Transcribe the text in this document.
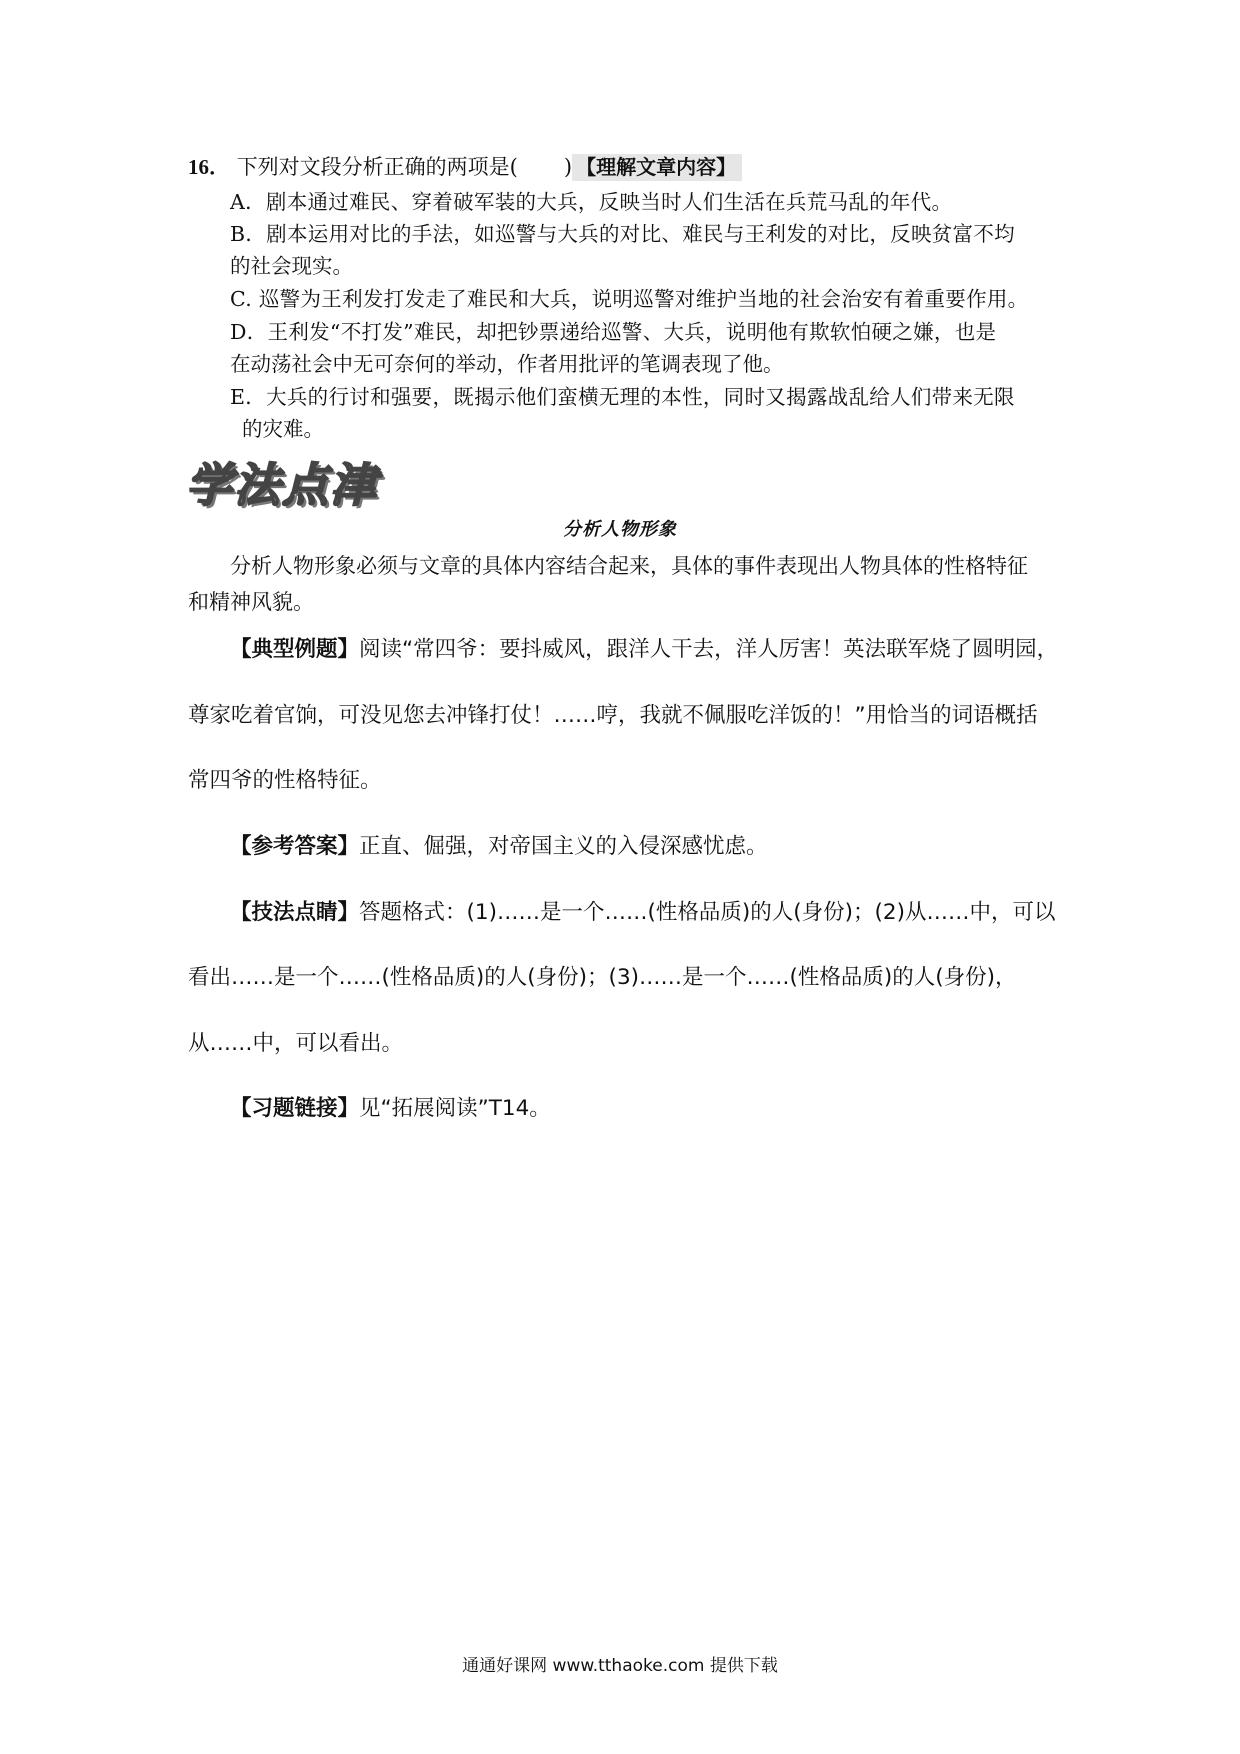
16． 下列对文段分析正确的两项是( ) 【理解文章内容】
A．剧本通过难民、穿着破军装的大兵，反映当时人们生活在兵荒马乱的年代。
B．剧本运用对比的手法，如巡警与大兵的对比、难民与王利发的对比，反映贫富不均
的社会现实。
C. 巡警为王利发打发走了难民和大兵，说明巡警对维护当地的社会治安有着重要作用。
D．王利发“不打发”难民，却把钞票递给巡警、大兵，说明他有欺软怕硬之嫌，也是
在动荡社会中无可奈何的举动，作者用批评的笔调表现了他。
E．大兵的行讨和强要，既揭示他们蛮横无理的本性，同时又揭露战乱给人们带来无限
的灾难。
学法点津
分析人物形象
分析人物形象必须与文章的具体内容结合起来，具体的事件表现出人物具体的性格特征
和精神风貌。
【典型例题】阅读“常四爷：要抖威风，跟洋人干去，洋人厉害！英法联军烧了圆明园，
尊家吃着官饷，可没见您去冲锋打仗！……哼，我就不佩服吃洋饭的！”用恰当的词语概括
常四爷的性格特征。
【参考答案】正直、倔强，对帝国主义的入侵深感忧虑。
【技法点睛】答题格式：(1)……是一个……(性格品质)的人(身份)；(2)从……中，可以
看出……是一个……(性格品质)的人(身份)；(3)……是一个……(性格品质)的人(身份)，
从……中，可以看出。
【习题链接】见“拓展阅读”T14。
通通好课网 www.tthaoke.com 提供下载
